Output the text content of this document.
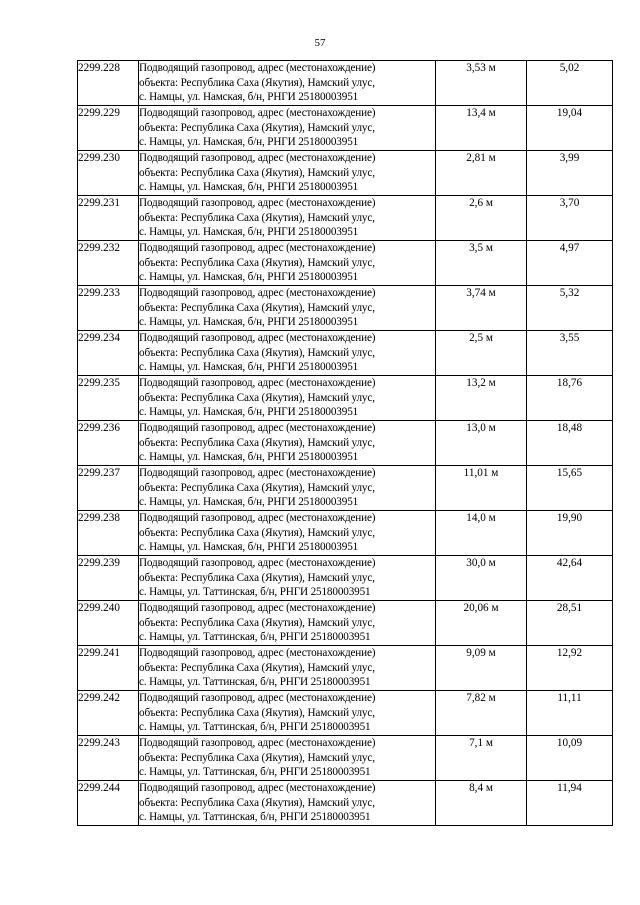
57
2299.228	Подводящий газопровод, адрес (местонахождение)
объекта: Республика Саха (Якутия), Намский улус,
с. Намцы, ул. Намская, б/н, РНГИ 25180003951	3,53 м	5,02
2299.229	Подводящий газопровод, адрес (местонахождение)
объекта: Республика Саха (Якутия), Намский улус,
с. Намцы, ул. Намская, б/н, РНГИ 25180003951	13,4 м	19,04
2299.230	Подводящий газопровод, адрес (местонахождение)
объекта: Республика Саха (Якутия), Намский улус,
с. Намцы, ул. Намская, б/н, РНГИ 25180003951	2,81 м	3,99
2299.231	Подводящий газопровод, адрес (местонахождение)
объекта: Республика Саха (Якутия), Намский улус,
с. Намцы, ул. Намская, б/н, РНГИ 25180003951	2,6 м	3,70
2299.232	Подводящий газопровод, адрес (местонахождение)
объекта: Республика Саха (Якутия), Намский улус,
с. Намцы, ул. Намская, б/н, РНГИ 25180003951	3,5 м	4,97
2299.233	Подводящий газопровод, адрес (местонахождение)
объекта: Республика Саха (Якутия), Намский улус,
с. Намцы, ул. Намская, б/н, РНГИ 25180003951	3,74 м	5,32
2299.234	Подводящий газопровод, адрес (местонахождение)
объекта: Республика Саха (Якутия), Намский улус,
с. Намцы, ул. Намская, б/н, РНГИ 25180003951	2,5 м	3,55
2299.235	Подводящий газопровод, адрес (местонахождение)
объекта: Республика Саха (Якутия), Намский улус,
с. Намцы, ул. Намская, б/н, РНГИ 25180003951	13,2 м	18,76
2299.236	Подводящий газопровод, адрес (местонахождение)
объекта: Республика Саха (Якутия), Намский улус,
с. Намцы, ул. Намская, б/н, РНГИ 25180003951	13,0 м	18,48
2299.237	Подводящий газопровод, адрес (местонахождение)
объекта: Республика Саха (Якутия), Намский улус,
с. Намцы, ул. Намская, б/н, РНГИ 25180003951	11,01 м	15,65
2299.238	Подводящий газопровод, адрес (местонахождение)
объекта: Республика Саха (Якутия), Намский улус,
с. Намцы, ул. Намская, б/н, РНГИ 25180003951	14,0 м	19,90
2299.239	Подводящий газопровод, адрес (местонахождение)
объекта: Республика Саха (Якутия), Намский улус,
с. Намцы, ул. Таттинская, б/н, РНГИ 25180003951	30,0 м	42,64
2299.240	Подводящий газопровод, адрес (местонахождение)
объекта: Республика Саха (Якутия), Намский улус,
с. Намцы, ул. Таттинская, б/н, РНГИ 25180003951	20,06 м	28,51
2299.241	Подводящий газопровод, адрес (местонахождение)
объекта: Республика Саха (Якутия), Намский улус,
с. Намцы, ул. Таттинская, б/н, РНГИ 25180003951	9,09 м	12,92
2299.242	Подводящий газопровод, адрес (местонахождение)
объекта: Республика Саха (Якутия), Намский улус,
с. Намцы, ул. Таттинская, б/н, РНГИ 25180003951	7,82 м	11,11
2299.243	Подводящий газопровод, адрес (местонахождение)
объекта: Республика Саха (Якутия), Намский улус,
с. Намцы, ул. Таттинская, б/н, РНГИ 25180003951	7,1 м	10,09
2299.244	Подводящий газопровод, адрес (местонахождение)
объекта: Республика Саха (Якутия), Намский улус,
с. Намцы, ул. Таттинская, б/н, РНГИ 25180003951	8,4 м	11,94
